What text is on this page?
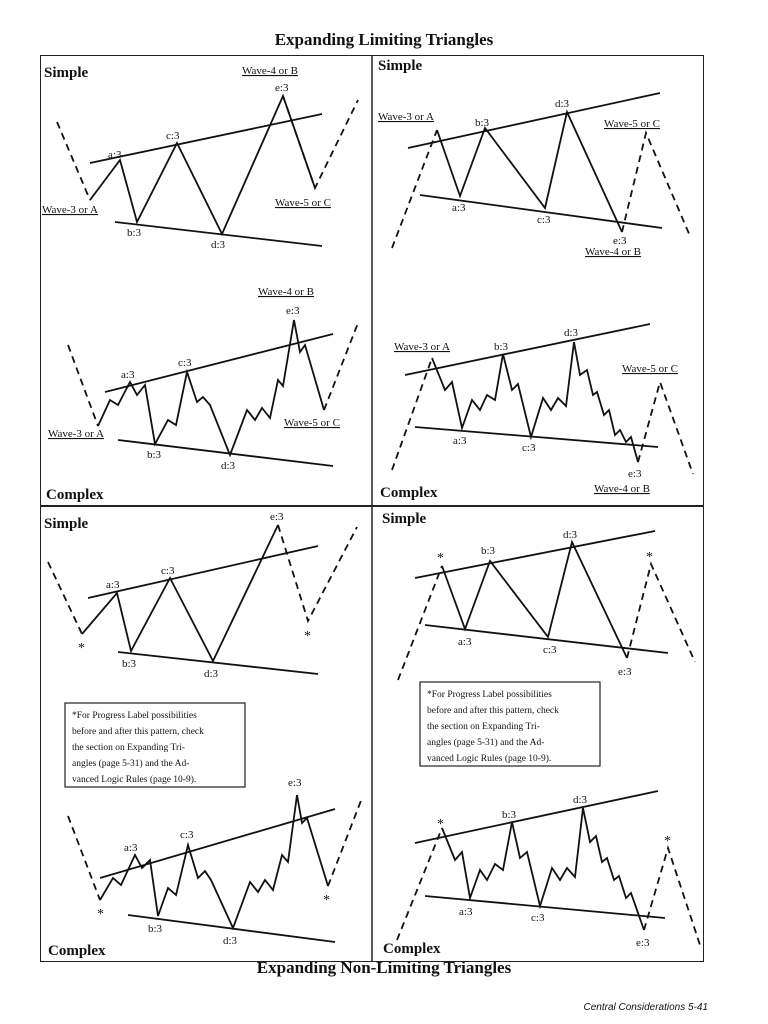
Expanding Limiting Triangles
Expanding Non-Limiting Triangles
Simple	Simple
Complex	Complex
Simple	Simple
Complex	Complex
a:3
b:3
c:3
d:3
e:3
b:3
a:3
d:3
c:3
e:3
a:3
b:3
c:3
d:3
e:3
b:3
a:3
d:3
c:3
e:3
a:3
b:3
c:3
d:3
e:3
b:3
a:3
d:3
c:3
e:3
a:3
b:3
c:3
d:3
e:3
b:3
a:3
d:3
c:3
e:3
Wave-4 or B
Wave-3 or A
Wave-5 or C
Wave-3 or A
Wave-5 or C
Wave-4 or B
Wave-4 or B
Wave-3 or A
Wave-5 or C
Wave-3 or A
Wave-5 or C
Wave-4 or B
*
*
*	*
*
*
*
*
*For Progress Label possibilities
before and after this pattern, check
the section on Expanding Tri-
angles (page 5-31) and the Ad-
vanced Logic Rules (page 10-9).
*For Progress Label possibilities
before and after this pattern, check
the section on Expanding Tri-
angles (page 5-31) and the Ad-
vanced Logic Rules (page 10-9).
Central Considerations 5-41
